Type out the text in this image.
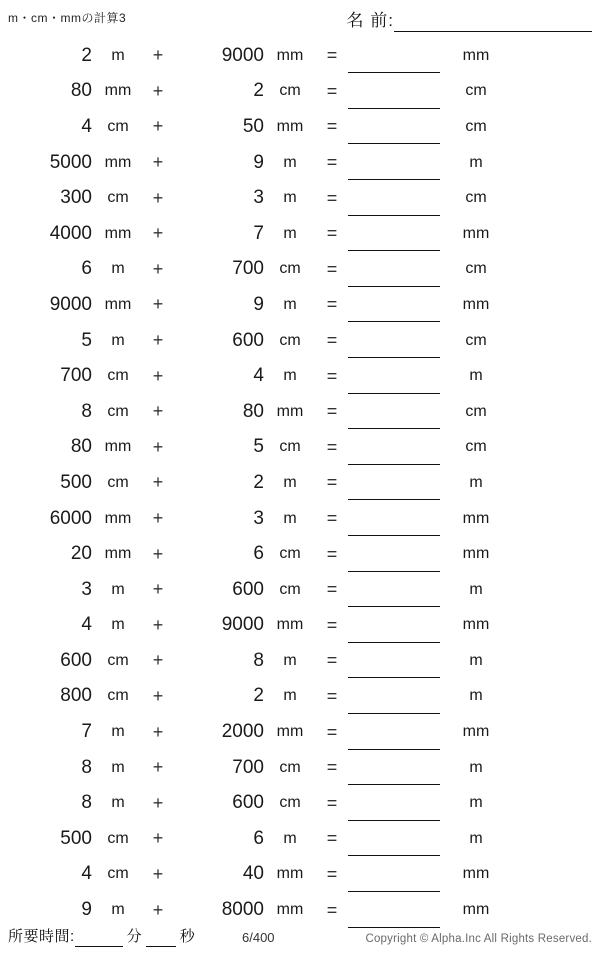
m・cm・mmの計算3	名 前:
2	m	+	9000 mm	=	mm
80 mm	+	2 cm	=	cm
4 cm	+	50 mm	=	cm
5000 mm	+	9	m	=	m
300 cm	+	3	m	=	cm
4000 mm	+	7	m	=	mm
6	m	+	700 cm	=	cm
9000 mm	+	9	m	=	mm
5	m	+	600 cm	=	cm
700 cm	+	4	m	=	m
8 cm	+	80 mm	=	cm
80 mm	+	5 cm	=	cm
500 cm	+	2	m	=	m
6000 mm	+	3	m	=	mm
20 mm	+	6 cm	=	mm
3	m	+	600 cm	=	m
4	m	+	9000 mm	=	mm
600 cm	+	8	m	=	m
800 cm	+	2	m	=	m
7	m	+	2000 mm	=	mm
8	m	+	700 cm	=	m
8	m	+	600 cm	=	m
500 cm	+	6	m	=	m
4 cm	+	40 mm	=	mm
9	m	+	8000 mm	=	mm
所要時間:	分	秒	6/400	Copyright © Alpha.Inc All Rights Reserved.
